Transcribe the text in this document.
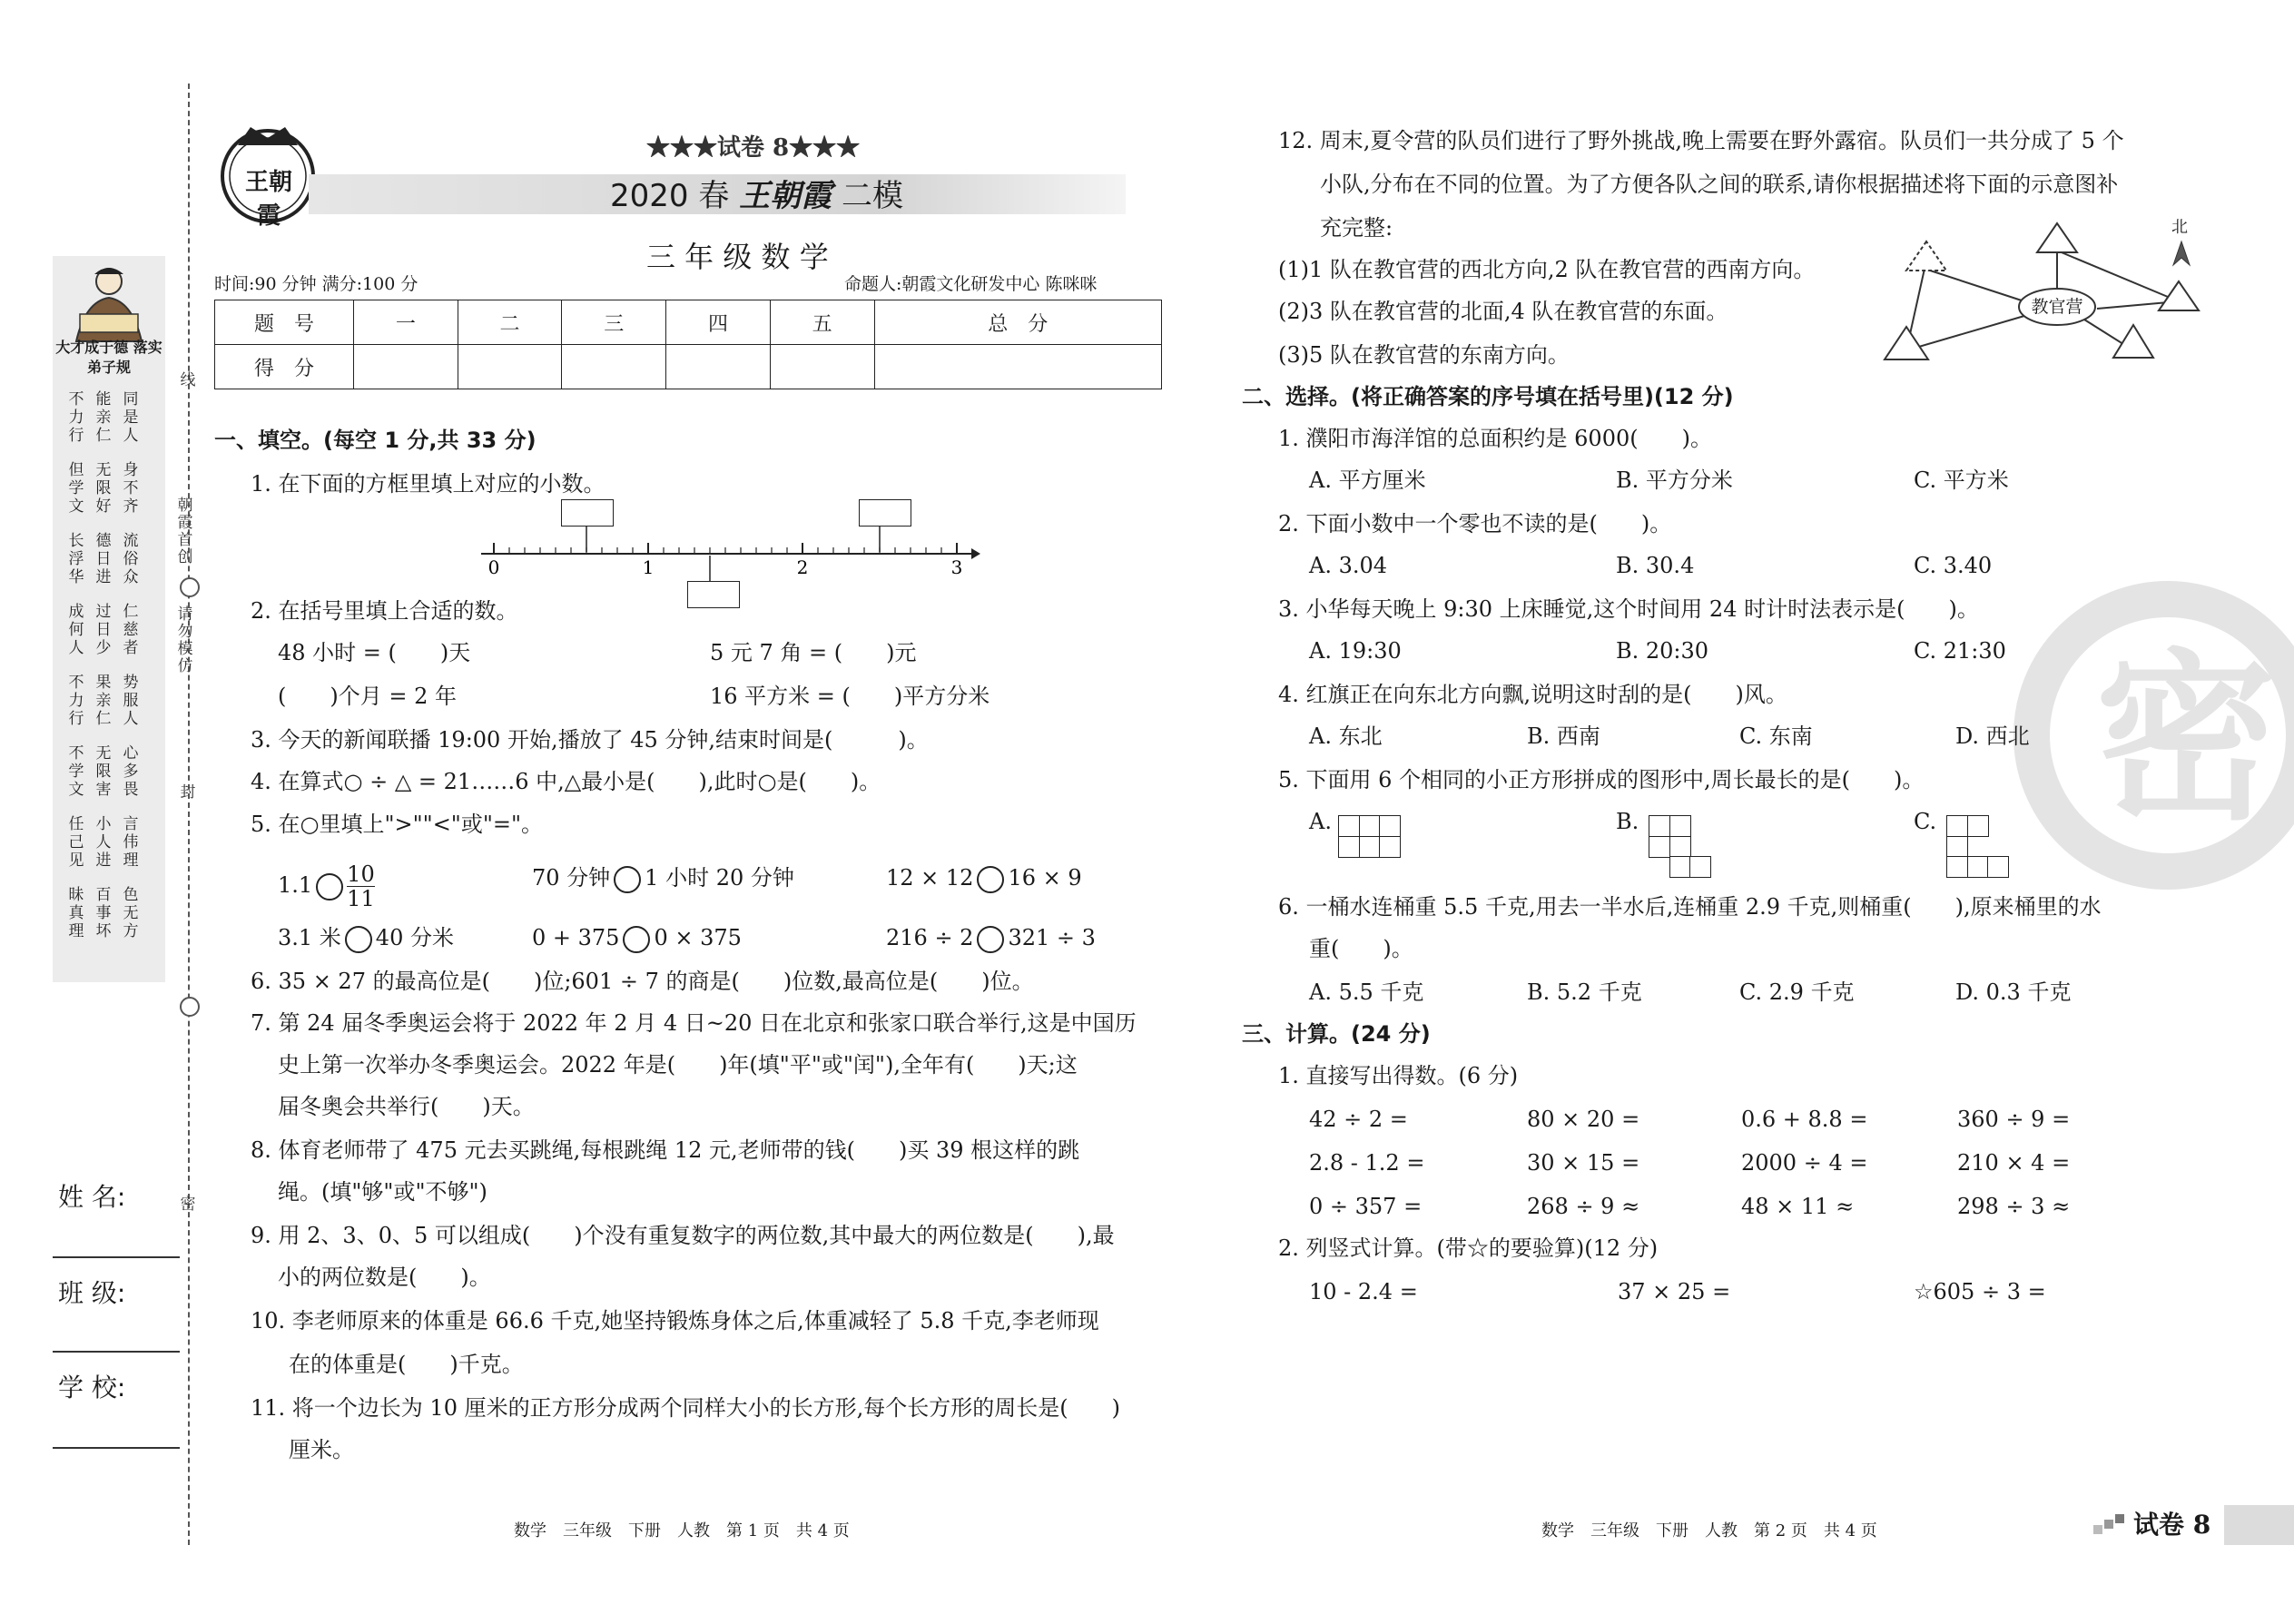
大才成于德 落实弟子规
不力行
能亲仁
同是人
但学文
无限好
身不齐
长浮华
德日进
流俗众
成何人
过日少
仁慈者
不力行
果亲仁
势服人
不学文
无限害
心多畏
任己见
小人进
言伟理
昧真理
百事坏
色无方
线
朝霞首创
请勿模仿
封
密
姓 名:
班 级:
学 校:
王朝霞
★★★试卷 8★★★
2020 春 王朝霞 二模
三 年 级 数 学
时间:90 分钟 满分:100 分	命题人:朝霞文化研发中心 陈咪咪
题　号	一	二	三	四	五	总　分
得　分						
一、填空。(每空 1 分,共 33 分)
1. 在下面的方框里填上对应的小数。
0	1	2	3
2. 在括号里填上合适的数。
48 小时 = (　　)天	5 元 7 角 = (　　)元
(　　)个月 = 2 年	16 平方米 = (　　)平方分米
3. 今天的新闻联播 19:00 开始,播放了 45 分钟,结束时间是(　　　)。
4. 在算式○ ÷ △ = 21……6 中,△最小是(　　),此时○是(　　)。
5. 在○里填上">""<"或"="。
$1.1 \frac{10}{11}$	70 分钟 1 小时 20 分钟	12 × 12 16 × 9
3.1 米 40 分米	0 + 375 0 × 375	216 ÷ 2 321 ÷ 3
6. 35 × 27 的最高位是(　　)位;601 ÷ 7 的商是(　　)位数,最高位是(　　)位。
7. 第 24 届冬季奥运会将于 2022 年 2 月 4 日~20 日在北京和张家口联合举行,这是中国历
史上第一次举办冬季奥运会。2022 年是(　　)年(填"平"或"闰"),全年有(　　)天;这
届冬奥会共举行(　　)天。
8. 体育老师带了 475 元去买跳绳,每根跳绳 12 元,老师带的钱(　　)买 39 根这样的跳
绳。(填"够"或"不够")
9. 用 2、3、0、5 可以组成(　　)个没有重复数字的两位数,其中最大的两位数是(　　),最
小的两位数是(　　)。
10. 李老师原来的体重是 66.6 千克,她坚持锻炼身体之后,体重减轻了 5.8 千克,李老师现
在的体重是(　　)千克。
11. 将一个边长为 10 厘米的正方形分成两个同样大小的长方形,每个长方形的周长是(　　)
厘米。
数学　三年级　下册　人教　第 1 页　共 4 页
密
12. 周末,夏令营的队员们进行了野外挑战,晚上需要在野外露宿。队员们一共分成了 5 个
小队,分布在不同的位置。为了方便各队之间的联系,请你根据描述将下面的示意图补
充完整:
(1)1 队在教官营的西北方向,2 队在教官营的西南方向。
(2)3 队在教官营的北面,4 队在教官营的东面。
(3)5 队在教官营的东南方向。
教官营
北
二、选择。(将正确答案的序号填在括号里)(12 分)
1. 濮阳市海洋馆的总面积约是 6000(　　)。
A. 平方厘米	B. 平方分米	C. 平方米
2. 下面小数中一个零也不读的是(　　)。
A. 3.04	B. 30.4	C. 3.40
3. 小华每天晚上 9:30 上床睡觉,这个时间用 24 时计时法表示是(　　)。
A. 19:30	B. 20:30	C. 21:30
4. 红旗正在向东北方向飘,说明这时刮的是(　　)风。
A. 东北	B. 西南	C. 东南	D. 西北
5. 下面用 6 个相同的小正方形拼成的图形中,周长最长的是(　　)。
A.	B.	C.
6. 一桶水连桶重 5.5 千克,用去一半水后,连桶重 2.9 千克,则桶重(　　),原来桶里的水
重(　　)。
A. 5.5 千克	B. 5.2 千克	C. 2.9 千克	D. 0.3 千克
三、计算。(24 分)
1. 直接写出得数。(6 分)
42 ÷ 2 =	80 × 20 =	0.6 + 8.8 =	360 ÷ 9 =
2.8 - 1.2 =	30 × 15 =	2000 ÷ 4 =	210 × 4 =
0 ÷ 357 =	268 ÷ 9 ≈	48 × 11 ≈	298 ÷ 3 ≈
2. 列竖式计算。(带☆的要验算)(12 分)
10 - 2.4 =	37 × 25 =	☆605 ÷ 3 =
数学　三年级　下册　人教　第 2 页　共 4 页	试卷 8
